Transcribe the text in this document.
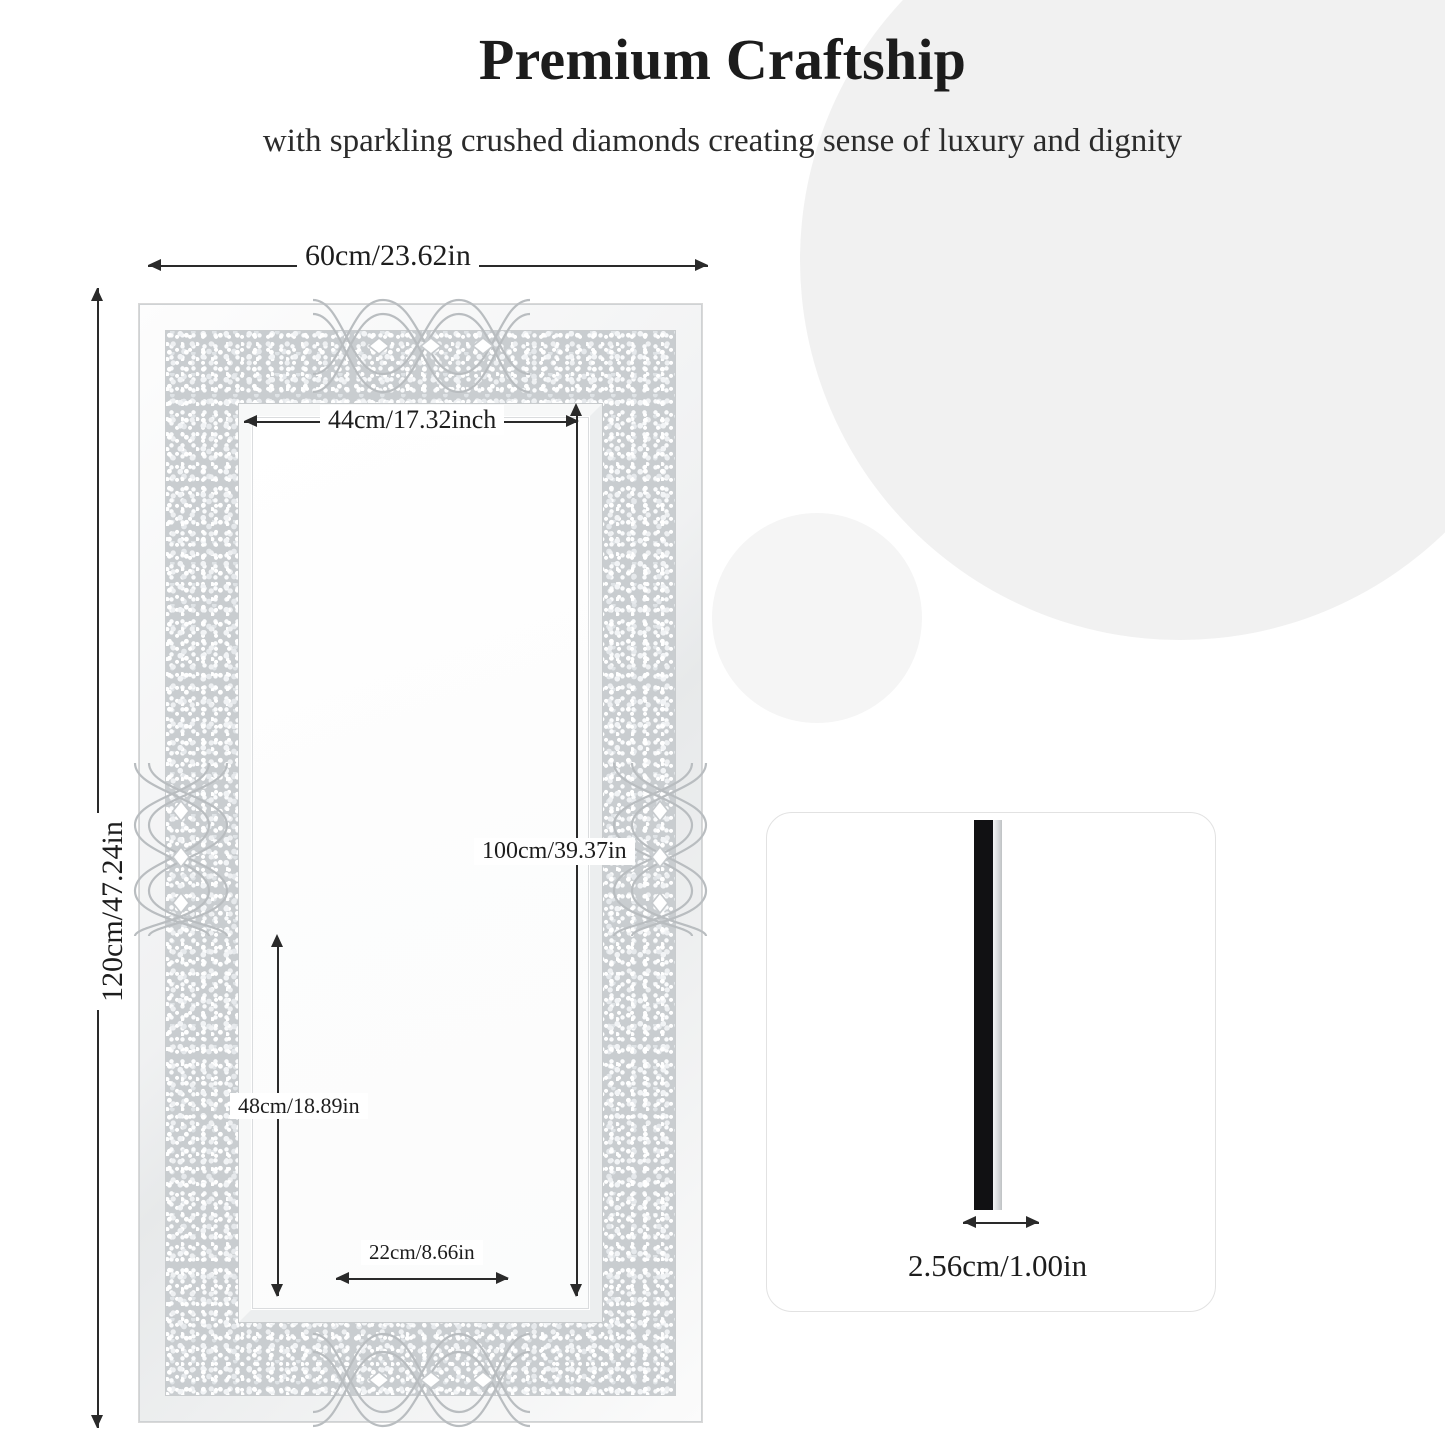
Premium Craftship
with sparkling crushed diamonds creating sense of luxury and dignity
60cm/23.62in
120cm/47.24in
44cm/17.32inch
100cm/39.37in
48cm/18.89in
22cm/8.66in	2.56cm/1.00in
